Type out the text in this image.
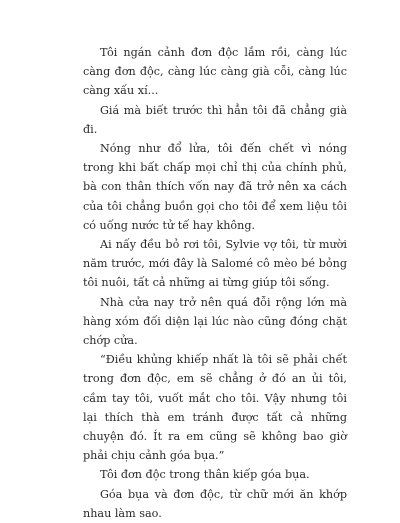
Tôi ngán cảnh đơn độc lắm rồi, càng lúc càng đơn độc, càng lúc càng già cỗi, càng lúc càng xấu xí...

Giá mà biết trước thì hẳn tôi đã chẳng già đi.

Nóng như đổ lửa, tôi đến chết vì nóng trong khi bất chấp mọi chỉ thị của chính phủ, bà con thân thích vốn nay đã trở nên xa cách của tôi chẳng buồn gọi cho tôi để xem liệu tôi có uống nước tử tế hay không.

Ai nấy đều bỏ rơi tôi, Sylvie vợ tôi, từ mười năm trước, mới đây là Salomé cô mèo bé bỏng tôi nuôi, tất cả những ai từng giúp tôi sống.

Nhà cửa nay trở nên quá đỗi rộng lớn mà hàng xóm đối diện lại lúc nào cũng đóng chặt chớp cửa.

“Điều khủng khiếp nhất là tôi sẽ phải chết trong đơn độc, em sẽ chẳng ở đó an ủi tôi, cầm tay tôi, vuốt mắt cho tôi. Vậy nhưng tôi lại thích thà em tránh được tất cả những chuyện đó. Ít ra em cũng sẽ không bao giờ phải chịu cảnh góa bụa.”

Tôi đơn độc trong thân kiếp góa bụa.

Góa bụa và đơn độc, từ chữ mới ăn khớp nhau làm sao.
